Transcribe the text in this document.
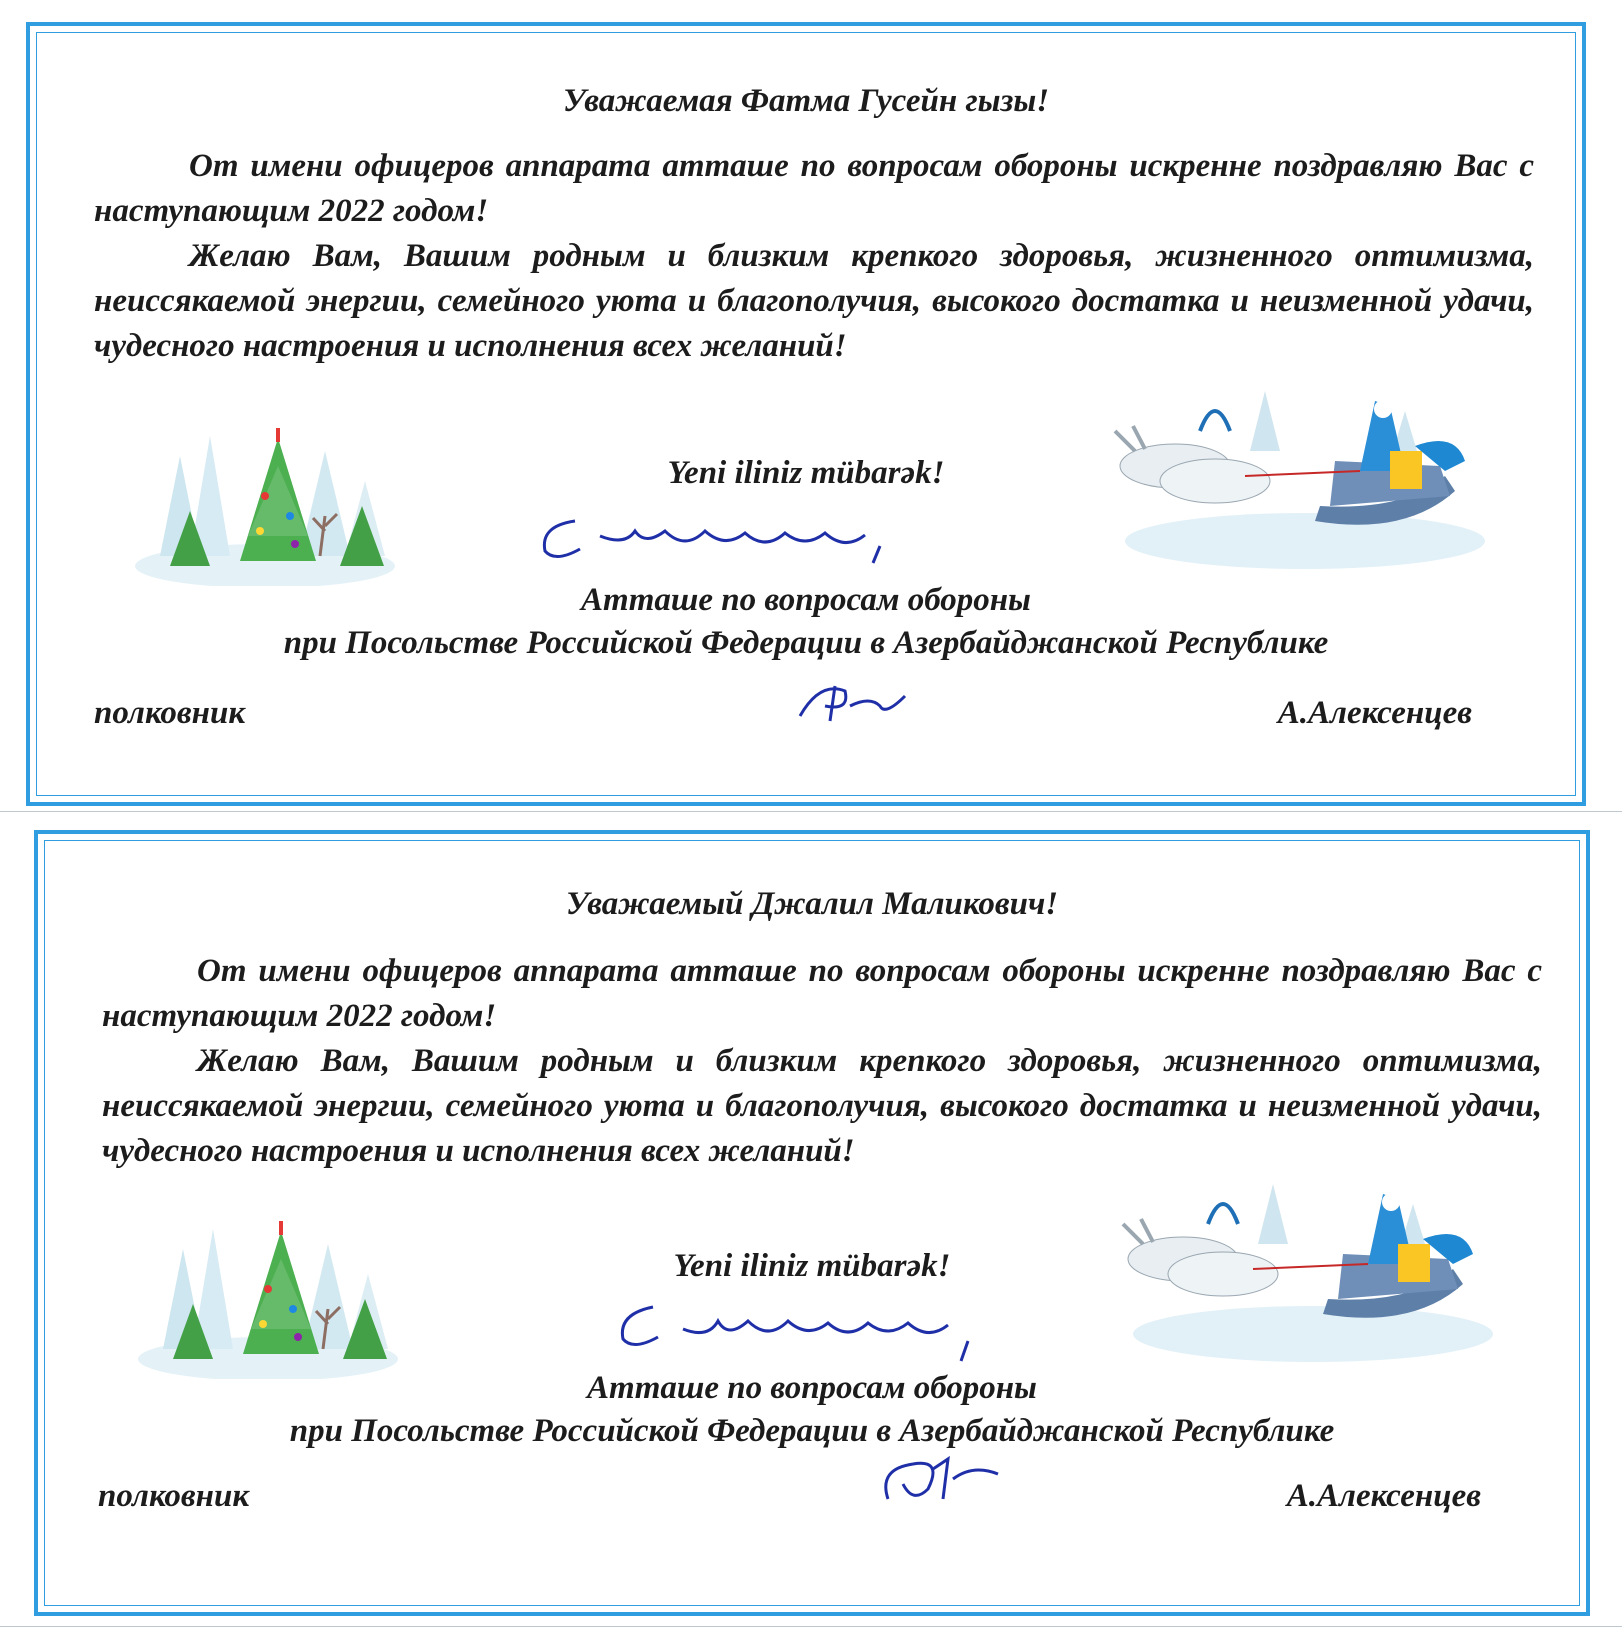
Уважаемая Фатма Гусейн гызы!
От имени офицеров аппарата атташе по вопросам обороны искренне поздравляю Вас с наступающим 2022 годом!
Желаю Вам, Вашим родным и близким крепкого здоровья, жизненного оптимизма, неиссякаемой энергии, семейного уюта и благополучия, высокого достатка и неизменной удачи, чудесного настроения и исполнения всех желаний!
Yeni iliniz mübarək!
Атташе по вопросам обороны
при Посольстве Российской Федерации в Азербайджанской Республике
полковник	А.Алексенцев
Уважаемый Джалил Маликович!
От имени офицеров аппарата атташе по вопросам обороны искренне поздравляю Вас с наступающим 2022 годом!
Желаю Вам, Вашим родным и близким крепкого здоровья, жизненного оптимизма, неиссякаемой энергии, семейного уюта и благополучия, высокого достатка и неизменной удачи, чудесного настроения и исполнения всех желаний!
Yeni iliniz mübarək!
Атташе по вопросам обороны
при Посольстве Российской Федерации в Азербайджанской Республике
полковник	А.Алексенцев
